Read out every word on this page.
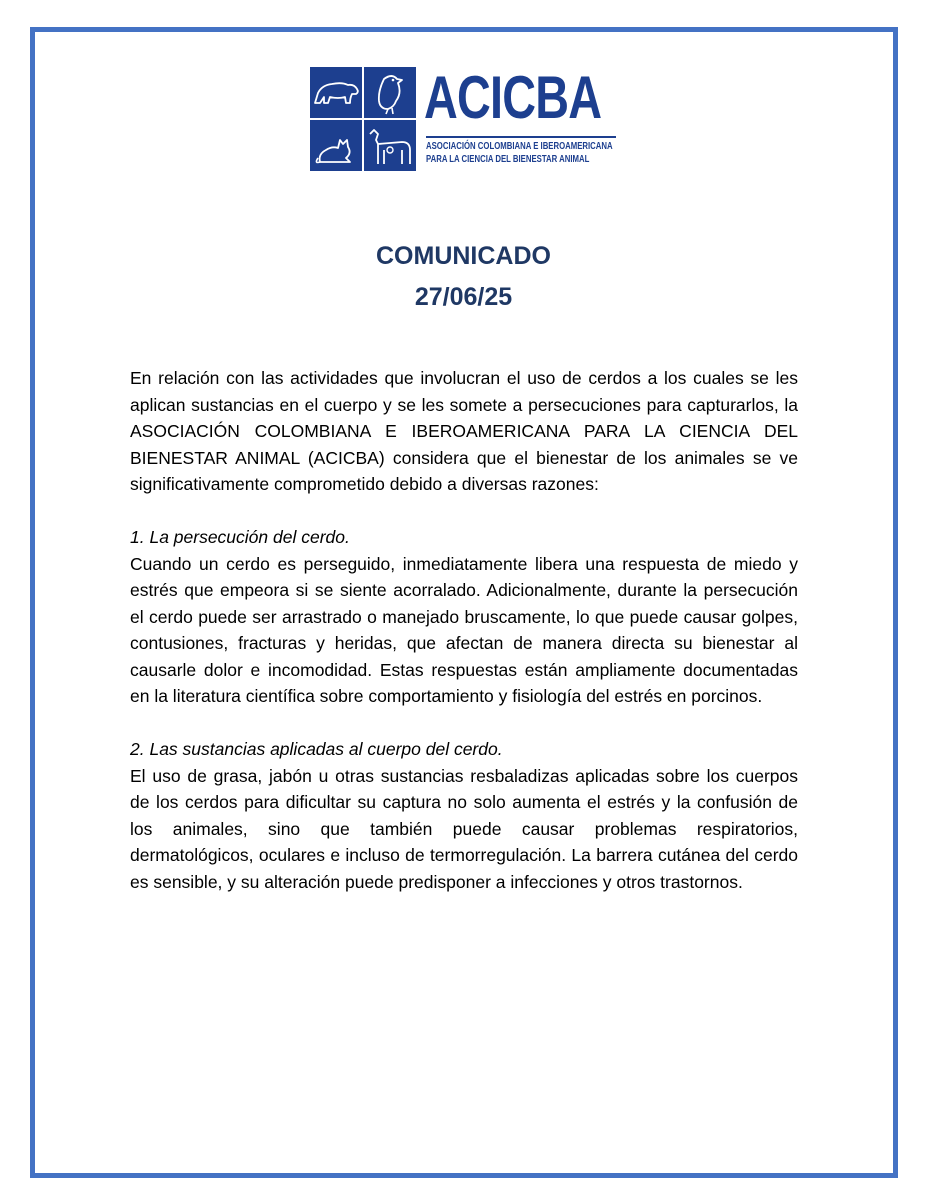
ACICBA
ASOCIACIÓN COLOMBIANA E IBEROAMERICANA
PARA LA CIENCIA DEL BIENESTAR ANIMAL
COMUNICADO
27/06/25

En relación con las actividades que involucran el uso de cerdos a los cuales se les aplican sustancias en el cuerpo y se les somete a persecuciones para capturarlos, la ASOCIACIÓN COLOMBIANA E IBEROAMERICANA PARA LA CIENCIA DEL BIENESTAR ANIMAL (ACICBA) considera que el bienestar de los animales se ve significativamente comprometido debido a diversas razones:

1. La persecución del cerdo.

Cuando un cerdo es perseguido, inmediatamente libera una respuesta de miedo y estrés que empeora si se siente acorralado. Adicionalmente, durante la persecución el cerdo puede ser arrastrado o manejado bruscamente, lo que puede causar golpes, contusiones, fracturas y heridas, que afectan de manera directa su bienestar al causarle dolor e incomodidad. Estas respuestas están ampliamente documentadas en la literatura científica sobre comportamiento y fisiología del estrés en porcinos.

2. Las sustancias aplicadas al cuerpo del cerdo.

El uso de grasa, jabón u otras sustancias resbaladizas aplicadas sobre los cuerpos de los cerdos para dificultar su captura no solo aumenta el estrés y la confusión de los animales, sino que también puede causar problemas respiratorios, dermatológicos, oculares e incluso de termorregulación. La barrera cutánea del cerdo es sensible, y su alteración puede predisponer a infecciones y otros trastornos.
